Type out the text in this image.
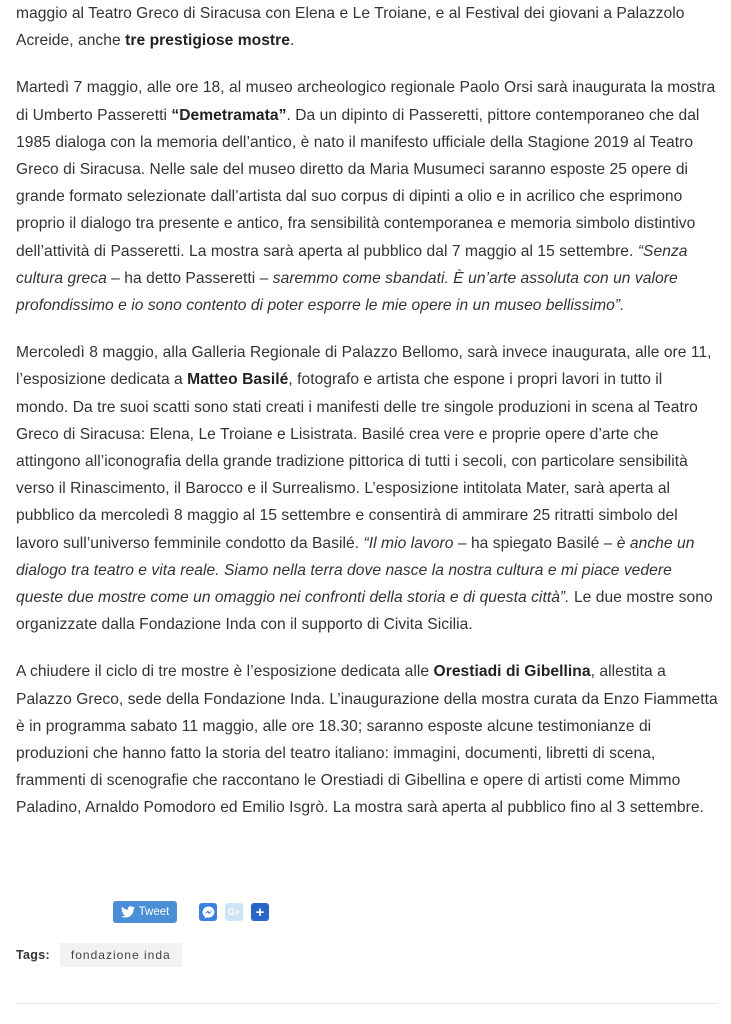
maggio al Teatro Greco di Siracusa con Elena e Le Troiane, e al Festival dei giovani a Palazzolo Acreide, anche tre prestigiose mostre.

Martedì 7 maggio, alle ore 18, al museo archeologico regionale Paolo Orsi sarà inaugurata la mostra di Umberto Passeretti “Demetramata”. Da un dipinto di Passeretti, pittore contemporaneo che dal 1985 dialoga con la memoria dell’antico, è nato il manifesto ufficiale della Stagione 2019 al Teatro Greco di Siracusa. Nelle sale del museo diretto da Maria Musumeci saranno esposte 25 opere di grande formato selezionate dall’artista dal suo corpus di dipinti a olio e in acrilico che esprimono proprio il dialogo tra presente e antico, fra sensibilità contemporanea e memoria simbolo distintivo dell’attività di Passeretti. La mostra sarà aperta al pubblico dal 7 maggio al 15 settembre. “Senza cultura greca – ha detto Passeretti – saremmo come sbandati. È un’arte assoluta con un valore profondissimo e io sono contento di poter esporre le mie opere in un museo bellissimo”.

Mercoledì 8 maggio, alla Galleria Regionale di Palazzo Bellomo, sarà invece inaugurata, alle ore 11, l’esposizione dedicata a Matteo Basilé, fotografo e artista che espone i propri lavori in tutto il mondo. Da tre suoi scatti sono stati creati i manifesti delle tre singole produzioni in scena al Teatro Greco di Siracusa: Elena, Le Troiane e Lisistrata. Basilé crea vere e proprie opere d’arte che attingono all’iconografia della grande tradizione pittorica di tutti i secoli, con particolare sensibilità verso il Rinascimento, il Barocco e il Surrealismo. L’esposizione intitolata Mater, sarà aperta al pubblico da mercoledì 8 maggio al 15 settembre e consentirà di ammirare 25 ritratti simbolo del lavoro sull’universo femminile condotto da Basilé. “Il mio lavoro – ha spiegato Basilé – è anche un dialogo tra teatro e vita reale. Siamo nella terra dove nasce la nostra cultura e mi piace vedere queste due mostre come un omaggio nei confronti della storia e di questa città”. Le due mostre sono organizzate dalla Fondazione Inda con il supporto di Civita Sicilia.

A chiudere il ciclo di tre mostre è l’esposizione dedicata alle Orestiadi di Gibellina, allestita a Palazzo Greco, sede della Fondazione Inda. L’inaugurazione della mostra curata da Enzo Fiammetta è in programma sabato 11 maggio, alle ore 18.30; saranno esposte alcune testimonianze di produzioni che hanno fatto la storia del teatro italiano: immagini, documenti, libretti di scena, frammenti di scenografie che raccontano le Orestiadi di Gibellina e opere di artisti come Mimmo Paladino, Arnaldo Pomodoro ed Emilio Isgrò. La mostra sarà aperta al pubblico fino al 3 settembre.

Tweet	G+ +
Tags:	fondazione inda
